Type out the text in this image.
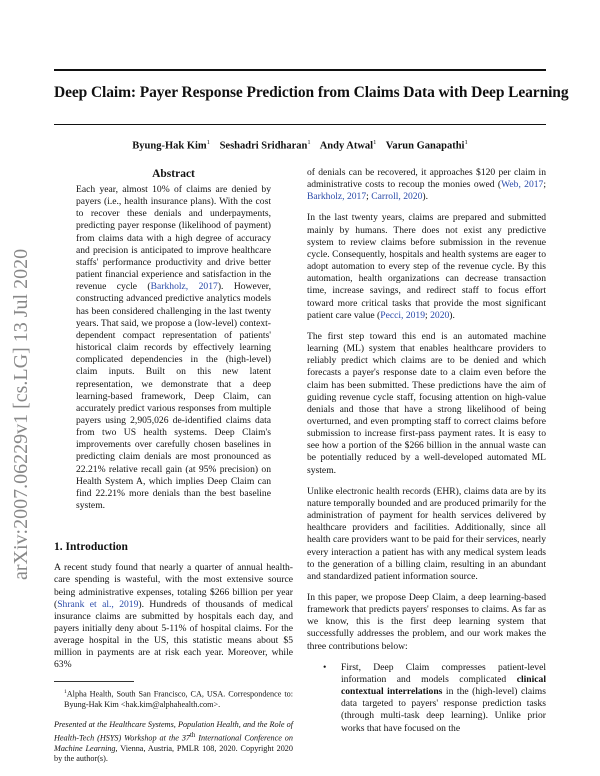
Deep Claim: Payer Response Prediction from Claims Data with Deep Learning
Byung-Hak Kim$^1$ Seshadri Sridharan$^1$ Andy Atwal$^1$ Varun Ganapathi$^1$
arXiv:2007.06229v1 [cs.LG] 13 Jul 2020
Abstract
Each year, almost 10% of claims are denied by payers (i.e., health insurance plans). With the cost to recover these denials and underpayments, predicting payer response (likelihood of payment) from claims data with a high degree of accuracy and precision is anticipated to improve healthcare staffs' performance productivity and drive better patient financial experience and satisfaction in the revenue cycle (Barkholz, 2017). However, constructing advanced predictive analytics models has been considered challenging in the last twenty years. That said, we propose a (low-level) context-dependent compact representation of patients' historical claim records by effectively learning complicated dependencies in the (high-level) claim inputs. Built on this new latent representation, we demonstrate that a deep learning-based framework, Deep Claim, can accurately predict various responses from multiple payers using 2,905,026 de-identified claims data from two US health systems. Deep Claim's improvements over carefully chosen baselines in predicting claim denials are most pronounced as 22.21% relative recall gain (at 95% precision) on Health System A, which implies Deep Claim can find 22.21% more denials than the best baseline system.
1. Introduction

A recent study found that nearly a quarter of annual health-care spending is wasteful, with the most extensive source being administrative expenses, totaling $266 billion per year (Shrank et al., 2019). Hundreds of thousands of medical insurance claims are submitted by hospitals each day, and payers initially deny about 5-11% of hospital claims. For the average hospital in the US, this statistic means about $5 million in payments are at risk each year. Moreover, while 63%

$^1$Alpha Health, South San Francisco, CA, USA. Correspondence to: Byung-Hak Kim <hak.kim@alphahealth.com>.
Presented at the Healthcare Systems, Population Health, and the Role of Health-Tech (HSYS) Workshop at the 37th International Conference on Machine Learning, Vienna, Austria, PMLR 108, 2020. Copyright 2020 by the author(s).

of denials can be recovered, it approaches $120 per claim in administrative costs to recoup the monies owed (Web, 2017; Barkholz, 2017; Carroll, 2020).

In the last twenty years, claims are prepared and submitted mainly by humans. There does not exist any predictive system to review claims before submission in the revenue cycle. Consequently, hospitals and health systems are eager to adopt automation to every step of the revenue cycle. By this automation, health organizations can decrease transaction time, increase savings, and redirect staff to focus effort toward more critical tasks that provide the most significant patient care value (Pecci, 2019; 2020).

The first step toward this end is an automated machine learning (ML) system that enables healthcare providers to reliably predict which claims are to be denied and which forecasts a payer's response date to a claim even before the claim has been submitted. These predictions have the aim of guiding revenue cycle staff, focusing attention on high-value denials and those that have a strong likelihood of being overturned, and even prompting staff to correct claims before submission to increase first-pass payment rates. It is easy to see how a portion of the $266 billion in the annual waste can be potentially reduced by a well-developed automated ML system.

Unlike electronic health records (EHR), claims data are by its nature temporally bounded and are produced primarily for the administration of payment for health services delivered by healthcare providers and facilities. Additionally, since all health care providers want to be paid for their services, nearly every interaction a patient has with any medical system leads to the generation of a billing claim, resulting in an abundant and standardized patient information source.

In this paper, we propose Deep Claim, a deep learning-based framework that predicts payers' responses to claims. As far as we know, this is the first deep learning system that successfully addresses the problem, and our work makes the three contributions below:

• First, Deep Claim compresses patient-level information and models complicated clinical contextual interrelations in the (high-level) claims data targeted to payers' response prediction tasks (through multi-task deep learning). Unlike prior works that have focused on the
